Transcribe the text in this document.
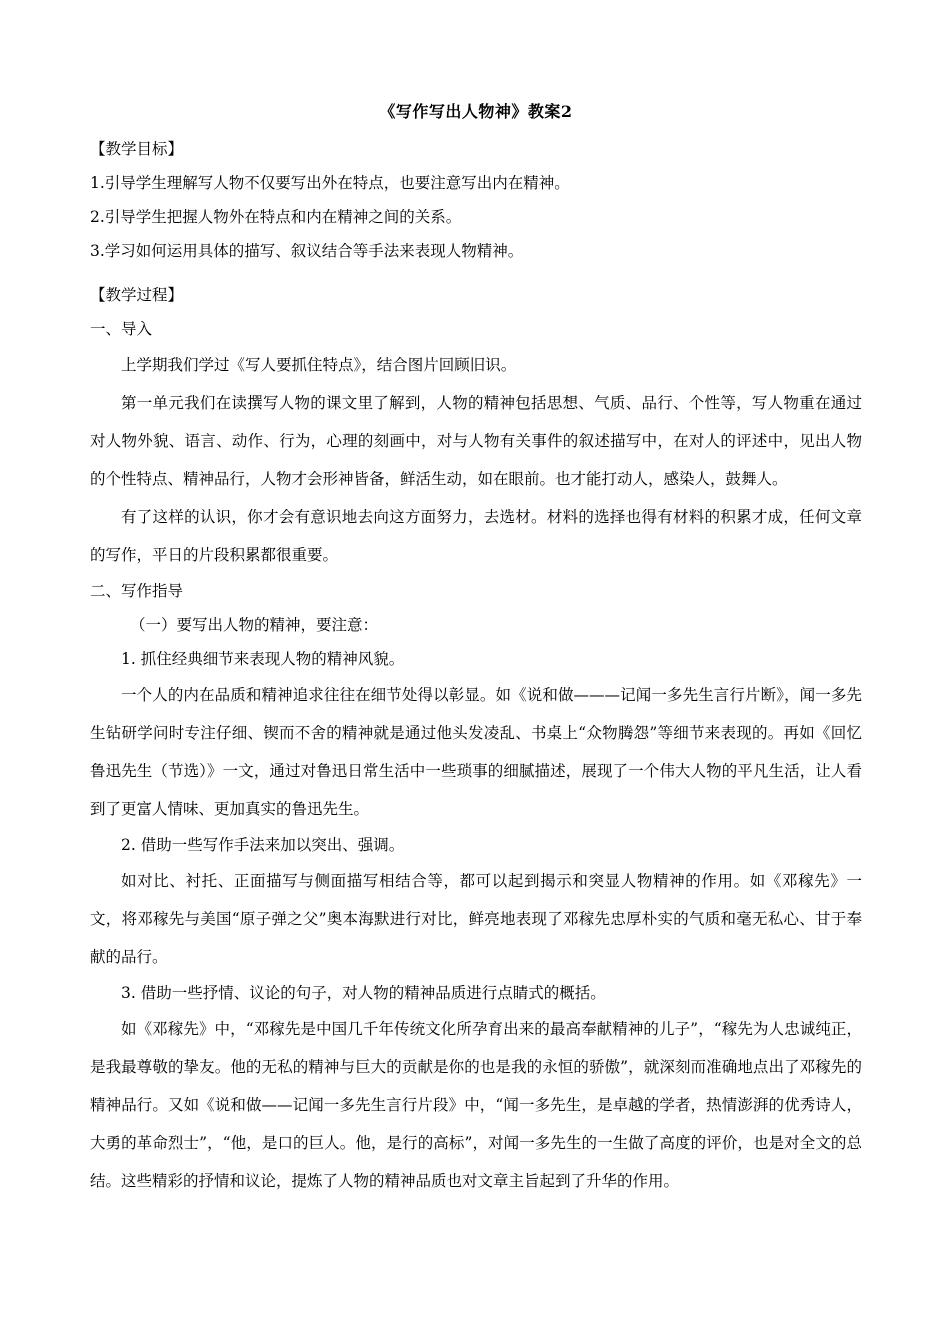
《写作写出人物神》教案2

【教学目标】

1.引导学生理解写人物不仅要写出外在特点，也要注意写出内在精神。

2.引导学生把握人物外在特点和内在精神之间的关系。

3.学习如何运用具体的描写、叙议结合等手法来表现人物精神。

【教学过程】

一、导入

上学期我们学过《写人要抓住特点》，结合图片回顾旧识。

第一单元我们在读撰写人物的课文里了解到，人物的精神包括思想、气质、品行、个性等，写人物重在通过对人物外貌、语言、动作、行为，心理的刻画中，对与人物有关事件的叙述描写中，在对人的评述中，见出人物的个性特点、精神品行，人物才会形神皆备，鲜活生动，如在眼前。也才能打动人，感染人，鼓舞人。

有了这样的认识，你才会有意识地去向这方面努力，去选材。材料的选择也得有材料的积累才成，任何文章的写作，平日的片段积累都很重要。

二、写作指导

（一）要写出人物的精神，要注意：

1. 抓住经典细节来表现人物的精神风貌。

一个人的内在品质和精神追求往往在细节处得以彰显。如《说和做———记闻一多先生言行片断》，闻一多先生钻研学问时专注仔细、锲而不舍的精神就是通过他头发凌乱、书桌上“众物腾怨”等细节来表现的。再如《回忆鲁迅先生（节选）》一文，通过对鲁迅日常生活中一些琐事的细腻描述，展现了一个伟大人物的平凡生活，让人看到了更富人情味、更加真实的鲁迅先生。

2. 借助一些写作手法来加以突出、强调。

如对比、衬托、正面描写与侧面描写相结合等，都可以起到揭示和突显人物精神的作用。如《邓稼先》一文，将邓稼先与美国“原子弹之父”奥本海默进行对比，鲜亮地表现了邓稼先忠厚朴实的气质和毫无私心、甘于奉献的品行。

3. 借助一些抒情、议论的句子，对人物的精神品质进行点睛式的概括。

如《邓稼先》中，“邓稼先是中国几千年传统文化所孕育出来的最高奉献精神的儿子”，“稼先为人忠诚纯正，是我最尊敬的挚友。他的无私的精神与巨大的贡献是你的也是我的永恒的骄傲”，就深刻而准确地点出了邓稼先的精神品行。又如《说和做——记闻一多先生言行片段》中，“闻一多先生，是卓越的学者，热情澎湃的优秀诗人，大勇的革命烈士”，“他，是口的巨人。他，是行的高标”，对闻一多先生的一生做了高度的评价，也是对全文的总结。这些精彩的抒情和议论，提炼了人物的精神品质也对文章主旨起到了升华的作用。
